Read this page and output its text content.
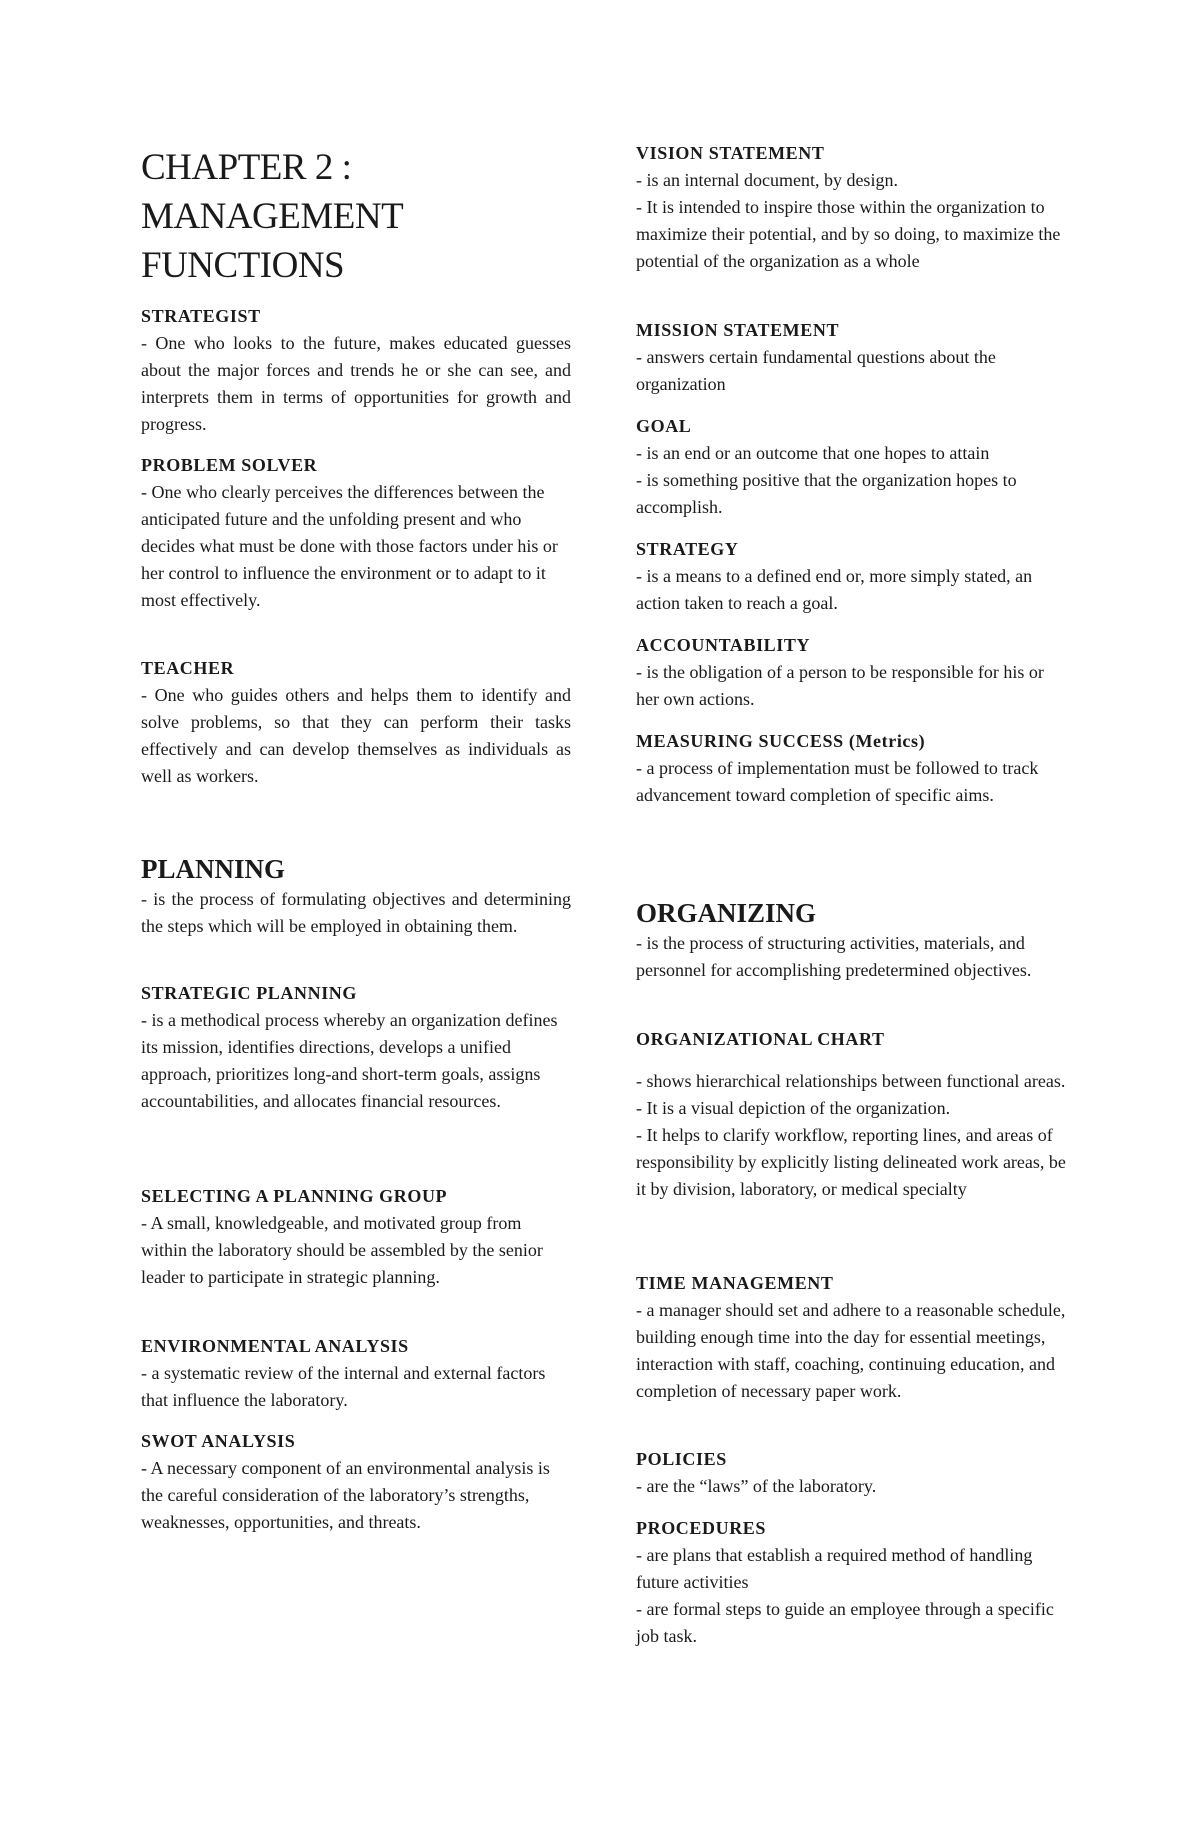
CHAPTER 2 :
MANAGEMENT
FUNCTIONS

STRATEGIST

- One who looks to the future, makes educated guesses about the major forces and trends he or she can see, and interprets them in terms of opportunities for growth and progress.

PROBLEM SOLVER

- One who clearly perceives the differences between the anticipated future and the unfolding present and who decides what must be done with those factors under his or her control to influence the environment or to adapt to it most effectively.

TEACHER

- One who guides others and helps them to identify and solve problems, so that they can perform their tasks effectively and can develop themselves as individuals as well as workers.

PLANNING

- is the process of formulating objectives and determining the steps which will be employed in obtaining them.

STRATEGIC PLANNING

- is a methodical process whereby an organization defines its mission, identifies directions, develops a unified approach, prioritizes long-and short-term goals, assigns accountabilities, and allocates financial resources.

SELECTING A PLANNING GROUP

- A small, knowledgeable, and motivated group from within the laboratory should be assembled by the senior leader to participate in strategic planning.

ENVIRONMENTAL ANALYSIS

- a systematic review of the internal and external factors that influence the laboratory.

SWOT ANALYSIS

- A necessary component of an environmental analysis is the careful consideration of the laboratory’s strengths, weaknesses, opportunities, and threats.

VISION STATEMENT

- is an internal document, by design.

- It is intended to inspire those within the organization to maximize their potential, and by so doing, to maximize the potential of the organization as a whole

MISSION STATEMENT

- answers certain fundamental questions about the organization

GOAL

- is an end or an outcome that one hopes to attain

- is something positive that the organization hopes to accomplish.

STRATEGY

- is a means to a defined end or, more simply stated, an action taken to reach a goal.

ACCOUNTABILITY

- is the obligation of a person to be responsible for his or her own actions.

MEASURING SUCCESS (Metrics)

- a process of implementation must be followed to track advancement toward completion of specific aims.

ORGANIZING

- is the process of structuring activities, materials, and personnel for accomplishing predetermined objectives.

ORGANIZATIONAL CHART

- shows hierarchical relationships between functional areas.

- It is a visual depiction of the organization.

- It helps to clarify workflow, reporting lines, and areas of responsibility by explicitly listing delineated work areas, be it by division, laboratory, or medical specialty

TIME MANAGEMENT

- a manager should set and adhere to a reasonable schedule, building enough time into the day for essential meetings, interaction with staff, coaching, continuing education, and completion of necessary paper work.

POLICIES

- are the “laws” of the laboratory.

PROCEDURES

- are plans that establish a required method of handling future activities

- are formal steps to guide an employee through a specific job task.
